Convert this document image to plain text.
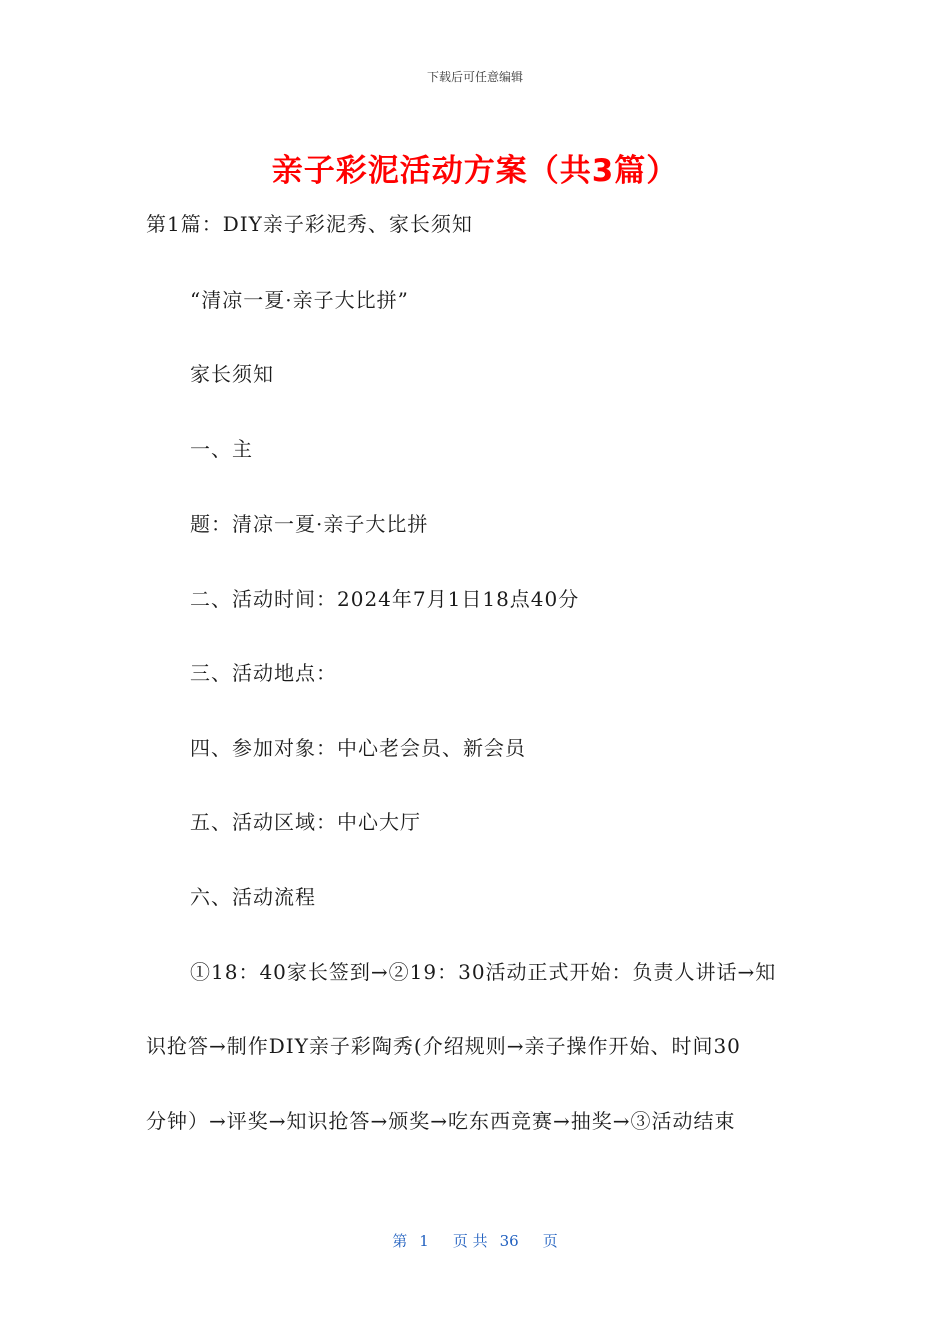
下载后可任意编辑
亲子彩泥活动方案（共3篇）
第1篇：DIY亲子彩泥秀、家长须知
“清凉一夏·亲子大比拼”
家长须知
一、主
题：清凉一夏·亲子大比拼
二、活动时间：2024年7月1日18点40分
三、活动地点：
四、参加对象：中心老会员、新会员
五、活动区域：中心大厅
六、活动流程
①18：40家长签到→②19：30活动正式开始：负责人讲话→知
识抢答→制作DIY亲子彩陶秀(介绍规则→亲子操作开始、时间30
分钟）→评奖→知识抢答→颁奖→吃东西竞赛→抽奖→③活动结束
第 1 页 共 36 页
